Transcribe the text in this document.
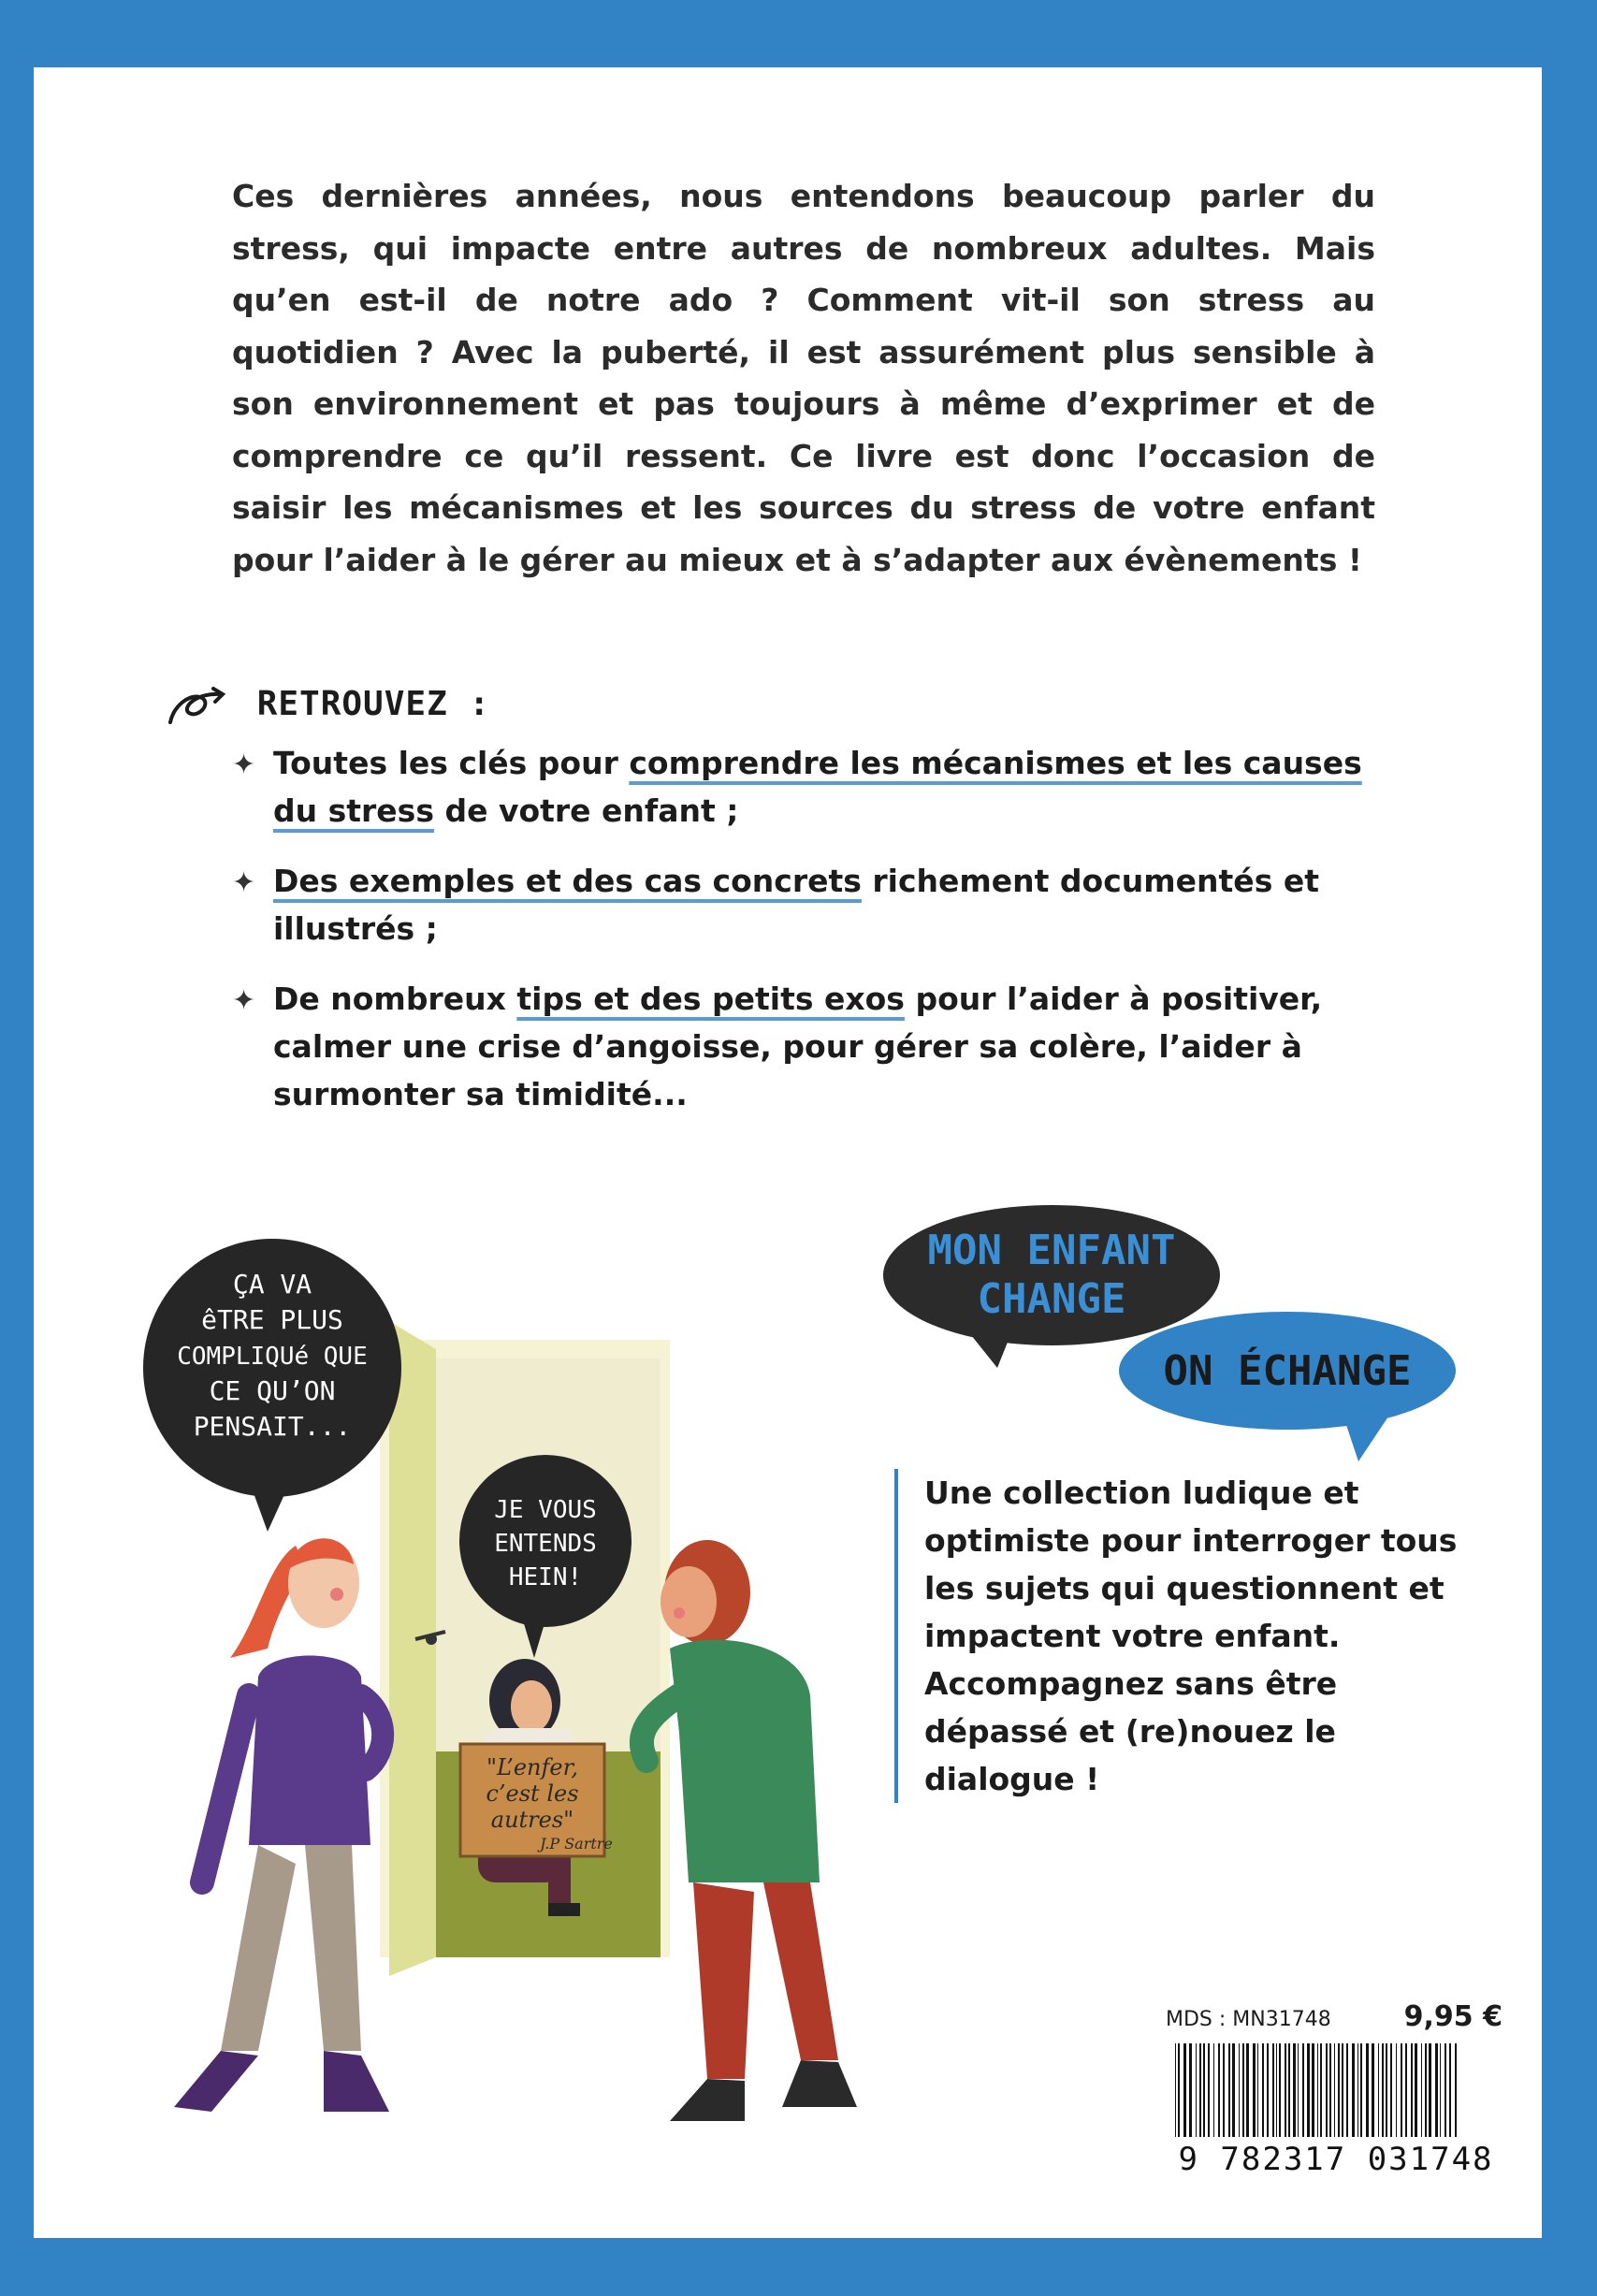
Ces dernières années, nous entendons beaucoup parler du stress, qui impacte entre autres de nombreux adultes. Mais qu’en est-il de notre ado ? Comment vit-il son stress au quotidien ? Avec la puberté, il est assurément plus sensible à son environnement et pas toujours à même d’exprimer et de comprendre ce qu’il ressent. Ce livre est donc l’occasion de saisir les mécanismes et les sources du stress de votre enfant pour l’aider à le gérer au mieux et à s’adapter aux évènements !

RETROUVEZ :
✦ Toutes les clés pour comprendre les mécanismes et les causes du stress de votre enfant ;
✦ Des exemples et des cas concrets richement documentés et illustrés ;
✦ De nombreux tips et des petits exos pour l’aider à positiver, calmer une crise d’angoisse, pour gérer sa colère, l’aider à surmonter sa timidité...
ÇA VA
êTRE PLUS
COMPLIQUé QUE
CE QU’ON
PENSAIT...
JE VOUS
ENTENDS
HEIN!
"L’enfer,
c’est les
autres"
J.P Sartre
MON ENFANT
CHANGE
ON ÉCHANGE

Une collection ludique et optimiste pour interroger tous les sujets qui questionnent et impactent votre enfant. Accompagnez sans être dépassé et (re)nouez le dialogue !

MDS : MN31748	9,95 €
9 782317 031748
